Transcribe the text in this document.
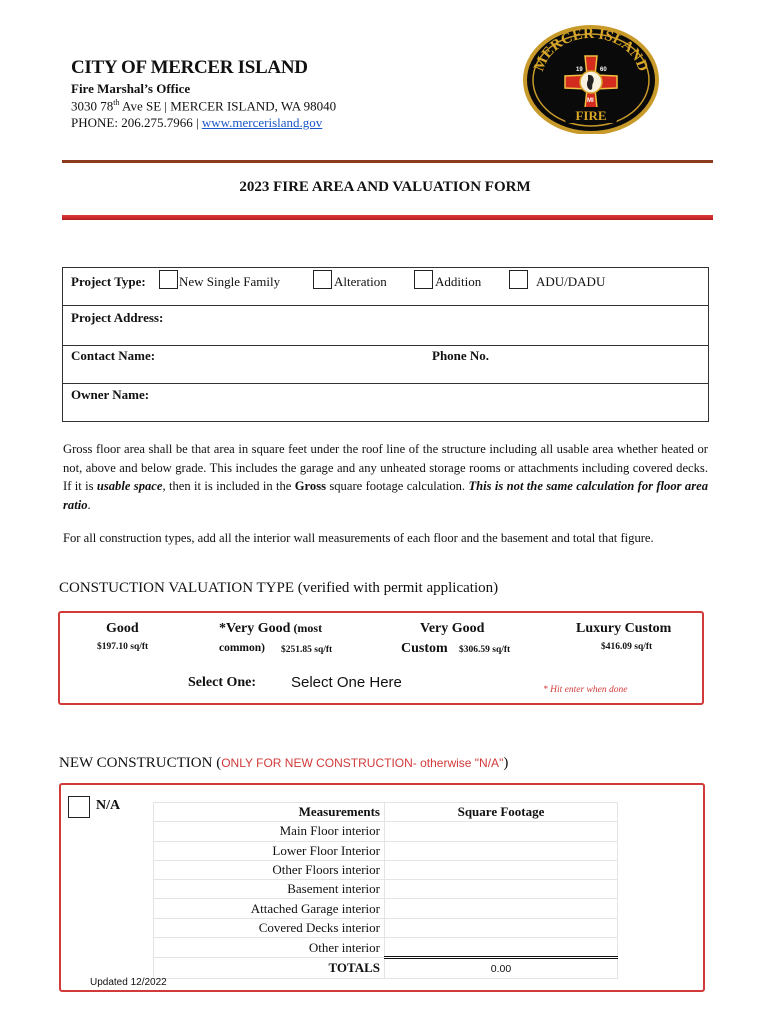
CITY OF MERCER ISLAND
Fire Marshal’s Office
3030 78th Ave SE | MERCER ISLAND, WA 98040
PHONE: 206.275.7966 | www.mercerisland.gov
MERCER ISLAND
19	60
MI
FIRE
2023 FIRE AREA AND VALUATION FORM
Project Type:	New Single Family	Alteration	Addition	ADU/DADU
Project Address:
Contact Name:	Phone No.
Owner Name:
Gross floor area shall be that area in square feet under the roof line of the structure including all usable area whether heated or not, above and below grade. This includes the garage and any unheated storage rooms or attachments including covered decks. If it is usable space, then it is included in the Gross square footage calculation. This is not the same calculation for floor area ratio.
For all construction types, add all the interior wall measurements of each floor and the basement and total that figure.
CONSTUCTION VALUATION TYPE (verified with permit application)
Good
$197.10 sq/ft
*Very Good (most
common) $251.85 sq/ft
Very Good
Custom $306.59 sq/ft
Luxury Custom
$416.09 sq/ft
Select One: Select One Here	* Hit enter when done
NEW CONSTRUCTION (ONLY FOR NEW CONSTRUCTION- otherwise "N/A")
N/A	Measurements	Square Footage
Main Floor interior	
Lower Floor Interior	
Other Floors interior	
Basement interior	
Attached Garage interior	
Covered Decks interior	
Other interior	
TOTALS	0.00
Updated 12/2022
